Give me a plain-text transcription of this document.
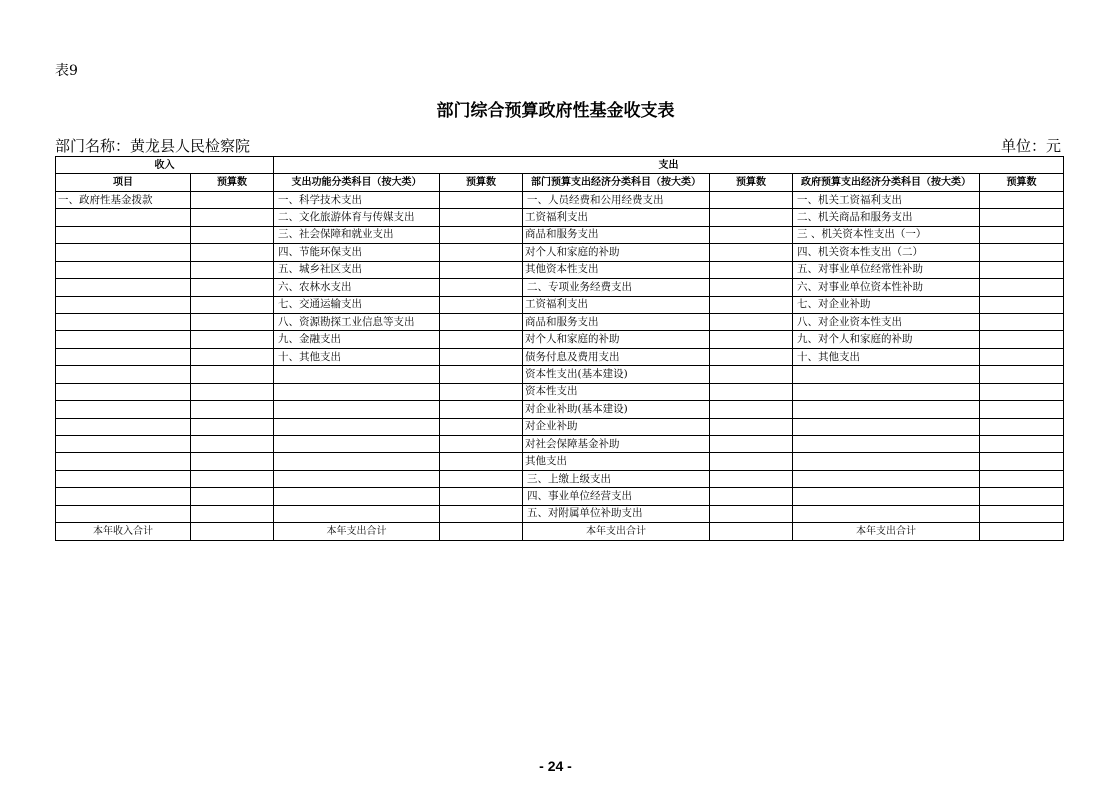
表9
部门综合预算政府性基金收支表
部门名称：黄龙县人民检察院	单位：元
收入		支出					
项目	预算数	支出功能分类科目（按大类）	预算数	部门预算支出经济分类科目（按大类）	预算数	政府预算支出经济分类科目（按大类）	预算数
一、政府性基金拨款		一、科学技术支出		一、人员经费和公用经费支出		一、机关工资福利支出	
		二、文化旅游体育与传媒支出		工资福利支出		二、机关商品和服务支出	
		三、社会保障和就业支出		商品和服务支出		三 、机关资本性支出（一）	
		四、节能环保支出		对个人和家庭的补助		四、机关资本性支出（二）	
		五、城乡社区支出		其他资本性支出		五、对事业单位经常性补助	
		六、农林水支出		二、专项业务经费支出		六、对事业单位资本性补助	
		七、交通运输支出		工资福利支出		七、对企业补助	
		八、资源勘探工业信息等支出		商品和服务支出		八、对企业资本性支出	
		九、金融支出		对个人和家庭的补助		九、对个人和家庭的补助	
		十、其他支出		债务付息及费用支出		十、其他支出	
				资本性支出(基本建设)			
				资本性支出			
				对企业补助(基本建设)			
				对企业补助			
				对社会保障基金补助			
				其他支出			
				三、上缴上级支出			
				四、事业单位经营支出			
				五、对附属单位补助支出			
本年收入合计		本年支出合计		本年支出合计		本年支出合计	
- 24 -
